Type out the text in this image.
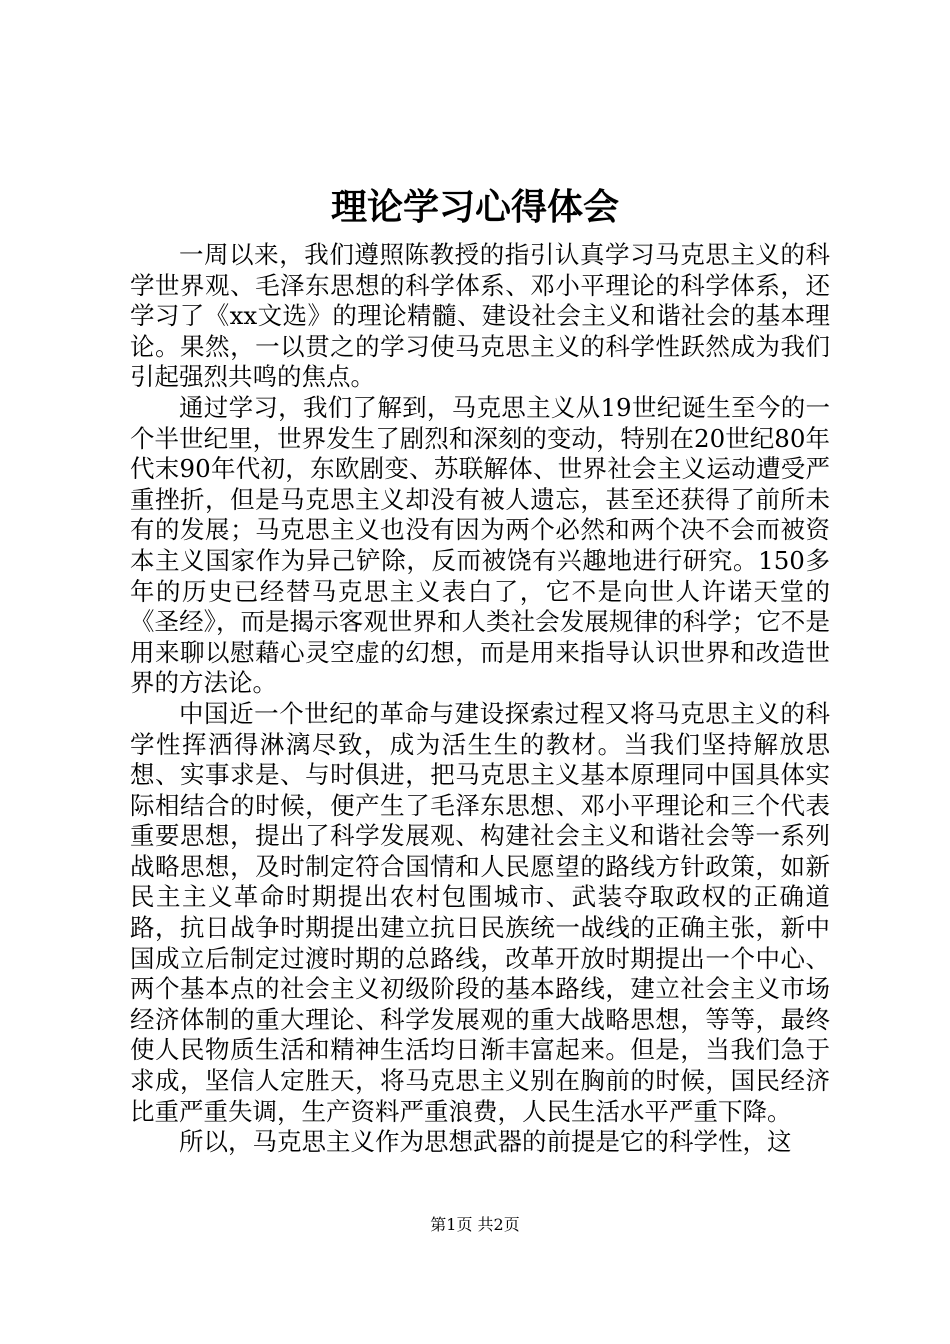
理论学习心得体会

一周以来，我们遵照陈教授的指引认真学习马克思主义的科学世界观、毛泽东思想的科学体系、邓小平理论的科学体系，还学习了《xx文选》的理论精髓、建设社会主义和谐社会的基本理论。果然，一以贯之的学习使马克思主义的科学性跃然成为我们引起强烈共鸣的焦点。

通过学习，我们了解到，马克思主义从19世纪诞生至今的一个半世纪里，世界发生了剧烈和深刻的变动，特别在20世纪80年代末90年代初，东欧剧变、苏联解体、世界社会主义运动遭受严重挫折，但是马克思主义却没有被人遗忘，甚至还获得了前所未有的发展；马克思主义也没有因为两个必然和两个决不会而被资本主义国家作为异己铲除，反而被饶有兴趣地进行研究。150多年的历史已经替马克思主义表白了，它不是向世人许诺天堂的《圣经》，而是揭示客观世界和人类社会发展规律的科学；它不是用来聊以慰藉心灵空虚的幻想，而是用来指导认识世界和改造世界的方法论。

中国近一个世纪的革命与建设探索过程又将马克思主义的科学性挥洒得淋漓尽致，成为活生生的教材。当我们坚持解放思想、实事求是、与时俱进，把马克思主义基本原理同中国具体实际相结合的时候，便产生了毛泽东思想、邓小平理论和三个代表重要思想，提出了科学发展观、构建社会主义和谐社会等一系列战略思想，及时制定符合国情和人民愿望的路线方针政策，如新民主主义革命时期提出农村包围城市、武装夺取政权的正确道路，抗日战争时期提出建立抗日民族统一战线的正确主张，新中国成立后制定过渡时期的总路线，改革开放时期提出一个中心、两个基本点的社会主义初级阶段的基本路线，建立社会主义市场经济体制的重大理论、科学发展观的重大战略思想，等等，最终使人民物质生活和精神生活均日渐丰富起来。但是，当我们急于求成，坚信人定胜天，将马克思主义别在胸前的时候，国民经济比重严重失调，生产资料严重浪费，人民生活水平严重下降。

所以，马克思主义作为思想武器的前提是它的科学性，这

第1页 共2页
